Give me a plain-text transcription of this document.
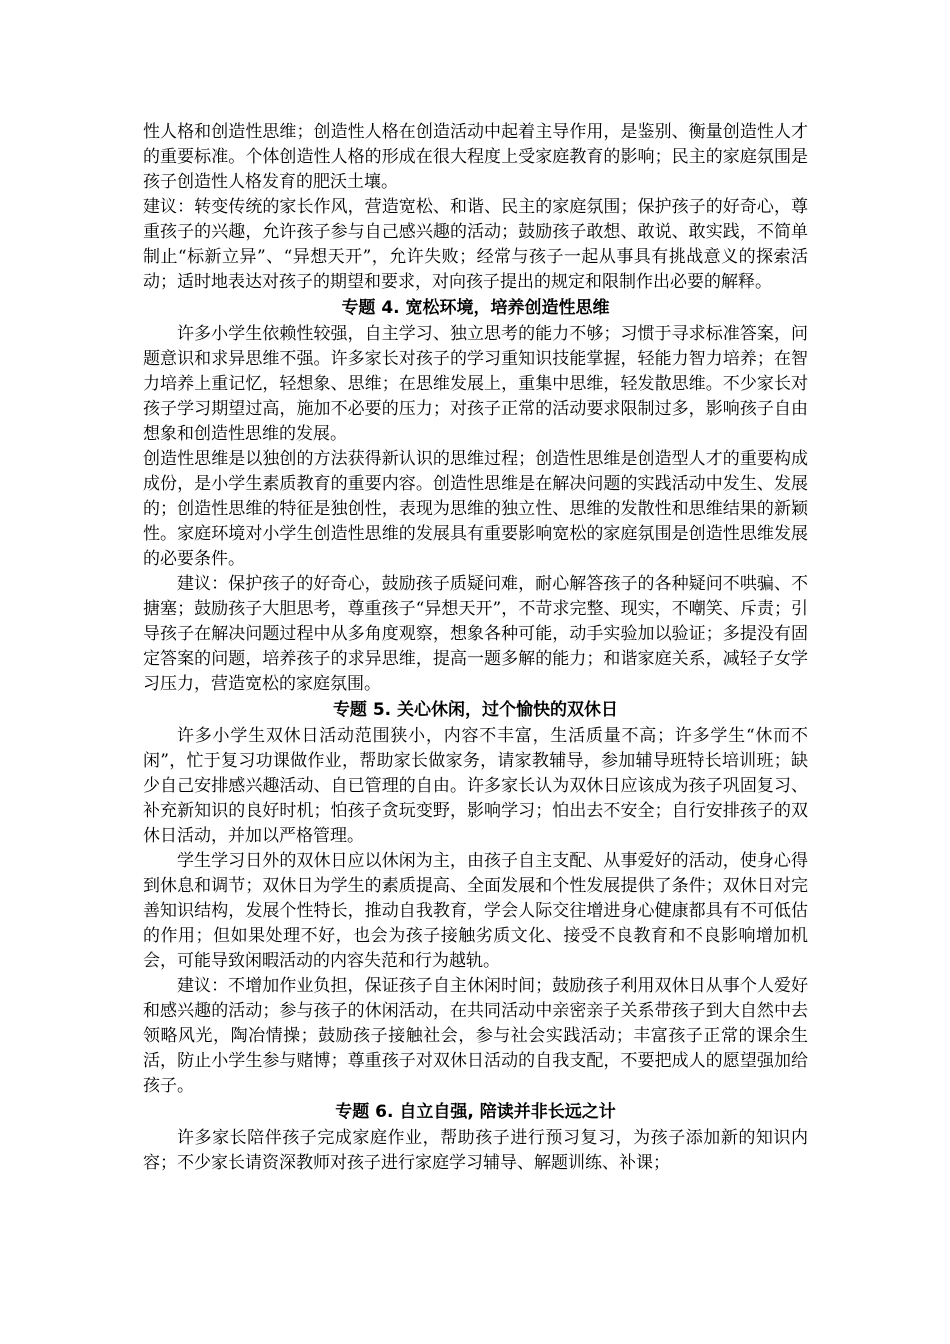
性人格和创造性思维；创造性人格在创造活动中起着主导作用，是鉴别、衡量创造性人才的重要标准。个体创造性人格的形成在很大程度上受家庭教育的影响；民主的家庭氛围是孩子创造性人格发育的肥沃土壤。

建议：转变传统的家长作风，营造宽松、和谐、民主的家庭氛围；保护孩子的好奇心，尊重孩子的兴趣，允许孩子参与自己感兴趣的活动；鼓励孩子敢想、敢说、敢实践，不简单制止“标新立异”、“异想天开”，允许失败；经常与孩子一起从事具有挑战意义的探索活动；适时地表达对孩子的期望和要求，对向孩子提出的规定和限制作出必要的解释。

专题 4. 宽松环境，培养创造性思维

许多小学生依赖性较强，自主学习、独立思考的能力不够；习惯于寻求标准答案，问题意识和求异思维不强。许多家长对孩子的学习重知识技能掌握，轻能力智力培养；在智力培养上重记忆，轻想象、思维；在思维发展上，重集中思维，轻发散思维。不少家长对孩子学习期望过高，施加不必要的压力；对孩子正常的活动要求限制过多，影响孩子自由想象和创造性思维的发展。

创造性思维是以独创的方法获得新认识的思维过程；创造性思维是创造型人才的重要构成成份，是小学生素质教育的重要内容。创造性思维是在解决问题的实践活动中发生、发展的；创造性思维的特征是独创性，表现为思维的独立性、思维的发散性和思维结果的新颖性。家庭环境对小学生创造性思维的发展具有重要影响宽松的家庭氛围是创造性思维发展的必要条件。

建议：保护孩子的好奇心，鼓励孩子质疑问难，耐心解答孩子的各种疑问不哄骗、不搪塞；鼓励孩子大胆思考，尊重孩子“异想天开”，不苛求完整、现实，不嘲笑、斥责；引导孩子在解决问题过程中从多角度观察，想象各种可能，动手实验加以验证；多提没有固定答案的问题，培养孩子的求异思维，提高一题多解的能力；和谐家庭关系，减轻子女学习压力，营造宽松的家庭氛围。

专题 5. 关心休闲，过个愉快的双休日

许多小学生双休日活动范围狭小，内容不丰富，生活质量不高；许多学生“休而不闲”，忙于复习功课做作业，帮助家长做家务，请家教辅导，参加辅导班特长培训班；缺少自己安排感兴趣活动、自已管理的自由。许多家长认为双休日应该成为孩子巩固复习、补充新知识的良好时机；怕孩子贪玩变野，影响学习；怕出去不安全；自行安排孩子的双休日活动，并加以严格管理。

学生学习日外的双休日应以休闲为主，由孩子自主支配、从事爱好的活动，使身心得到休息和调节；双休日为学生的素质提高、全面发展和个性发展提供了条件；双休日对完善知识结构，发展个性特长，推动自我教育，学会人际交往增进身心健康都具有不可低估的作用；但如果处理不好，也会为孩子接触劣质文化、接受不良教育和不良影响增加机会，可能导致闲暇活动的内容失范和行为越轨。

建议：不增加作业负担，保证孩子自主休闲时间；鼓励孩子利用双休日从事个人爱好和感兴趣的活动；参与孩子的休闲活动，在共同活动中亲密亲子关系带孩子到大自然中去领略风光，陶冶情操；鼓励孩子接触社会，参与社会实践活动；丰富孩子正常的课余生活，防止小学生参与赌博；尊重孩子对双休日活动的自我支配，不要把成人的愿望强加给孩子。

专题 6. 自立自强, 陪读并非长远之计

许多家长陪伴孩子完成家庭作业，帮助孩子进行预习复习，为孩子添加新的知识内容；不少家长请资深教师对孩子进行家庭学习辅导、解题训练、补课；
